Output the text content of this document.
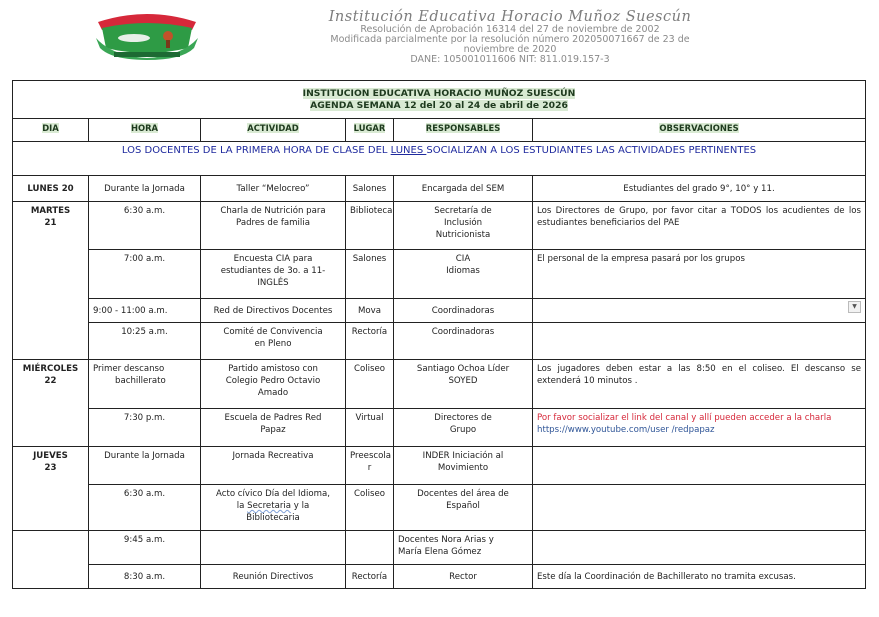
Institución Educativa Horacio Muñoz Suescún
Resolución de Aprobación 16314 del 27 de noviembre de 2002
Modificada parcialmente por la resolución número 202050071667 de 23 de
noviembre de 2020
DANE: 105001011606 NIT: 811.019.157-3
INSTITUCION EDUCATIVA HORACIO MUÑOZ SUESCÚN
AGENDA SEMANA 12 del 20 al 24 de abril de 2026					
DIA	HORA	ACTIVIDAD	LUGAR	RESPONSABLES	OBSERVACIONES
LOS DOCENTES DE LA PRIMERA HORA DE CLASE DEL LUNES SOCIALIZAN A LOS ESTUDIANTES LAS ACTIVIDADES PERTINENTES					
LUNES 20	Durante la Jornada	Taller “Melocreo”	Salones	Encargada del SEM	Estudiantes del grado 9°, 10° y 11.
MARTES
21	6:30 a.m.	Charla de Nutrición para
Padres de familia	Biblioteca	Secretaría de
Inclusión
Nutricionista	Los Directores de Grupo, por favor citar a TODOS los acudientes de los estudiantes beneficiarios del PAE
	7:00 a.m.	Encuesta CIA para
estudiantes de 3o. a 11-
INGLÉS	Salones	CIA
Idiomas	El personal de la empresa pasará por los grupos
	9:00 - 11:00 a.m.	Red de Directivos Docentes	Mova	Coordinadoras	▼

	10:25 a.m.	Comité de Convivencia
en Pleno	Rectoría	Coordinadoras	
MIÉRCOLES
22	Primer descanso
bachillerato	Partido amistoso con
Colegio Pedro Octavio
Amado	Coliseo	Santiago Ochoa Líder
SOYED	Los jugadores deben estar a las 8:50 en el coliseo. El descanso se extenderá 10 minutos .
	7:30 p.m.	Escuela de Padres Red
Papaz	Virtual	Directores de
Grupo	Por favor socializar el link del canal y allí pueden acceder a la charla
https://www.youtube.com/user /redpapaz
JUEVES
23	Durante la Jornada	Jornada Recreativa	Preescola
r	INDER Iniciación al
Movimiento	
	6:30 a.m.	Acto cívico Día del Idioma,
la Secretaria y la
Bibliotecaria	Coliseo	Docentes del área de
Español	
	9:45 a.m.			Docentes Nora Arias y
María Elena Gómez	
	8:30 a.m.	Reunión Directivos	Rectoría	Rector	Este día la Coordinación de Bachillerato no tramita excusas.
